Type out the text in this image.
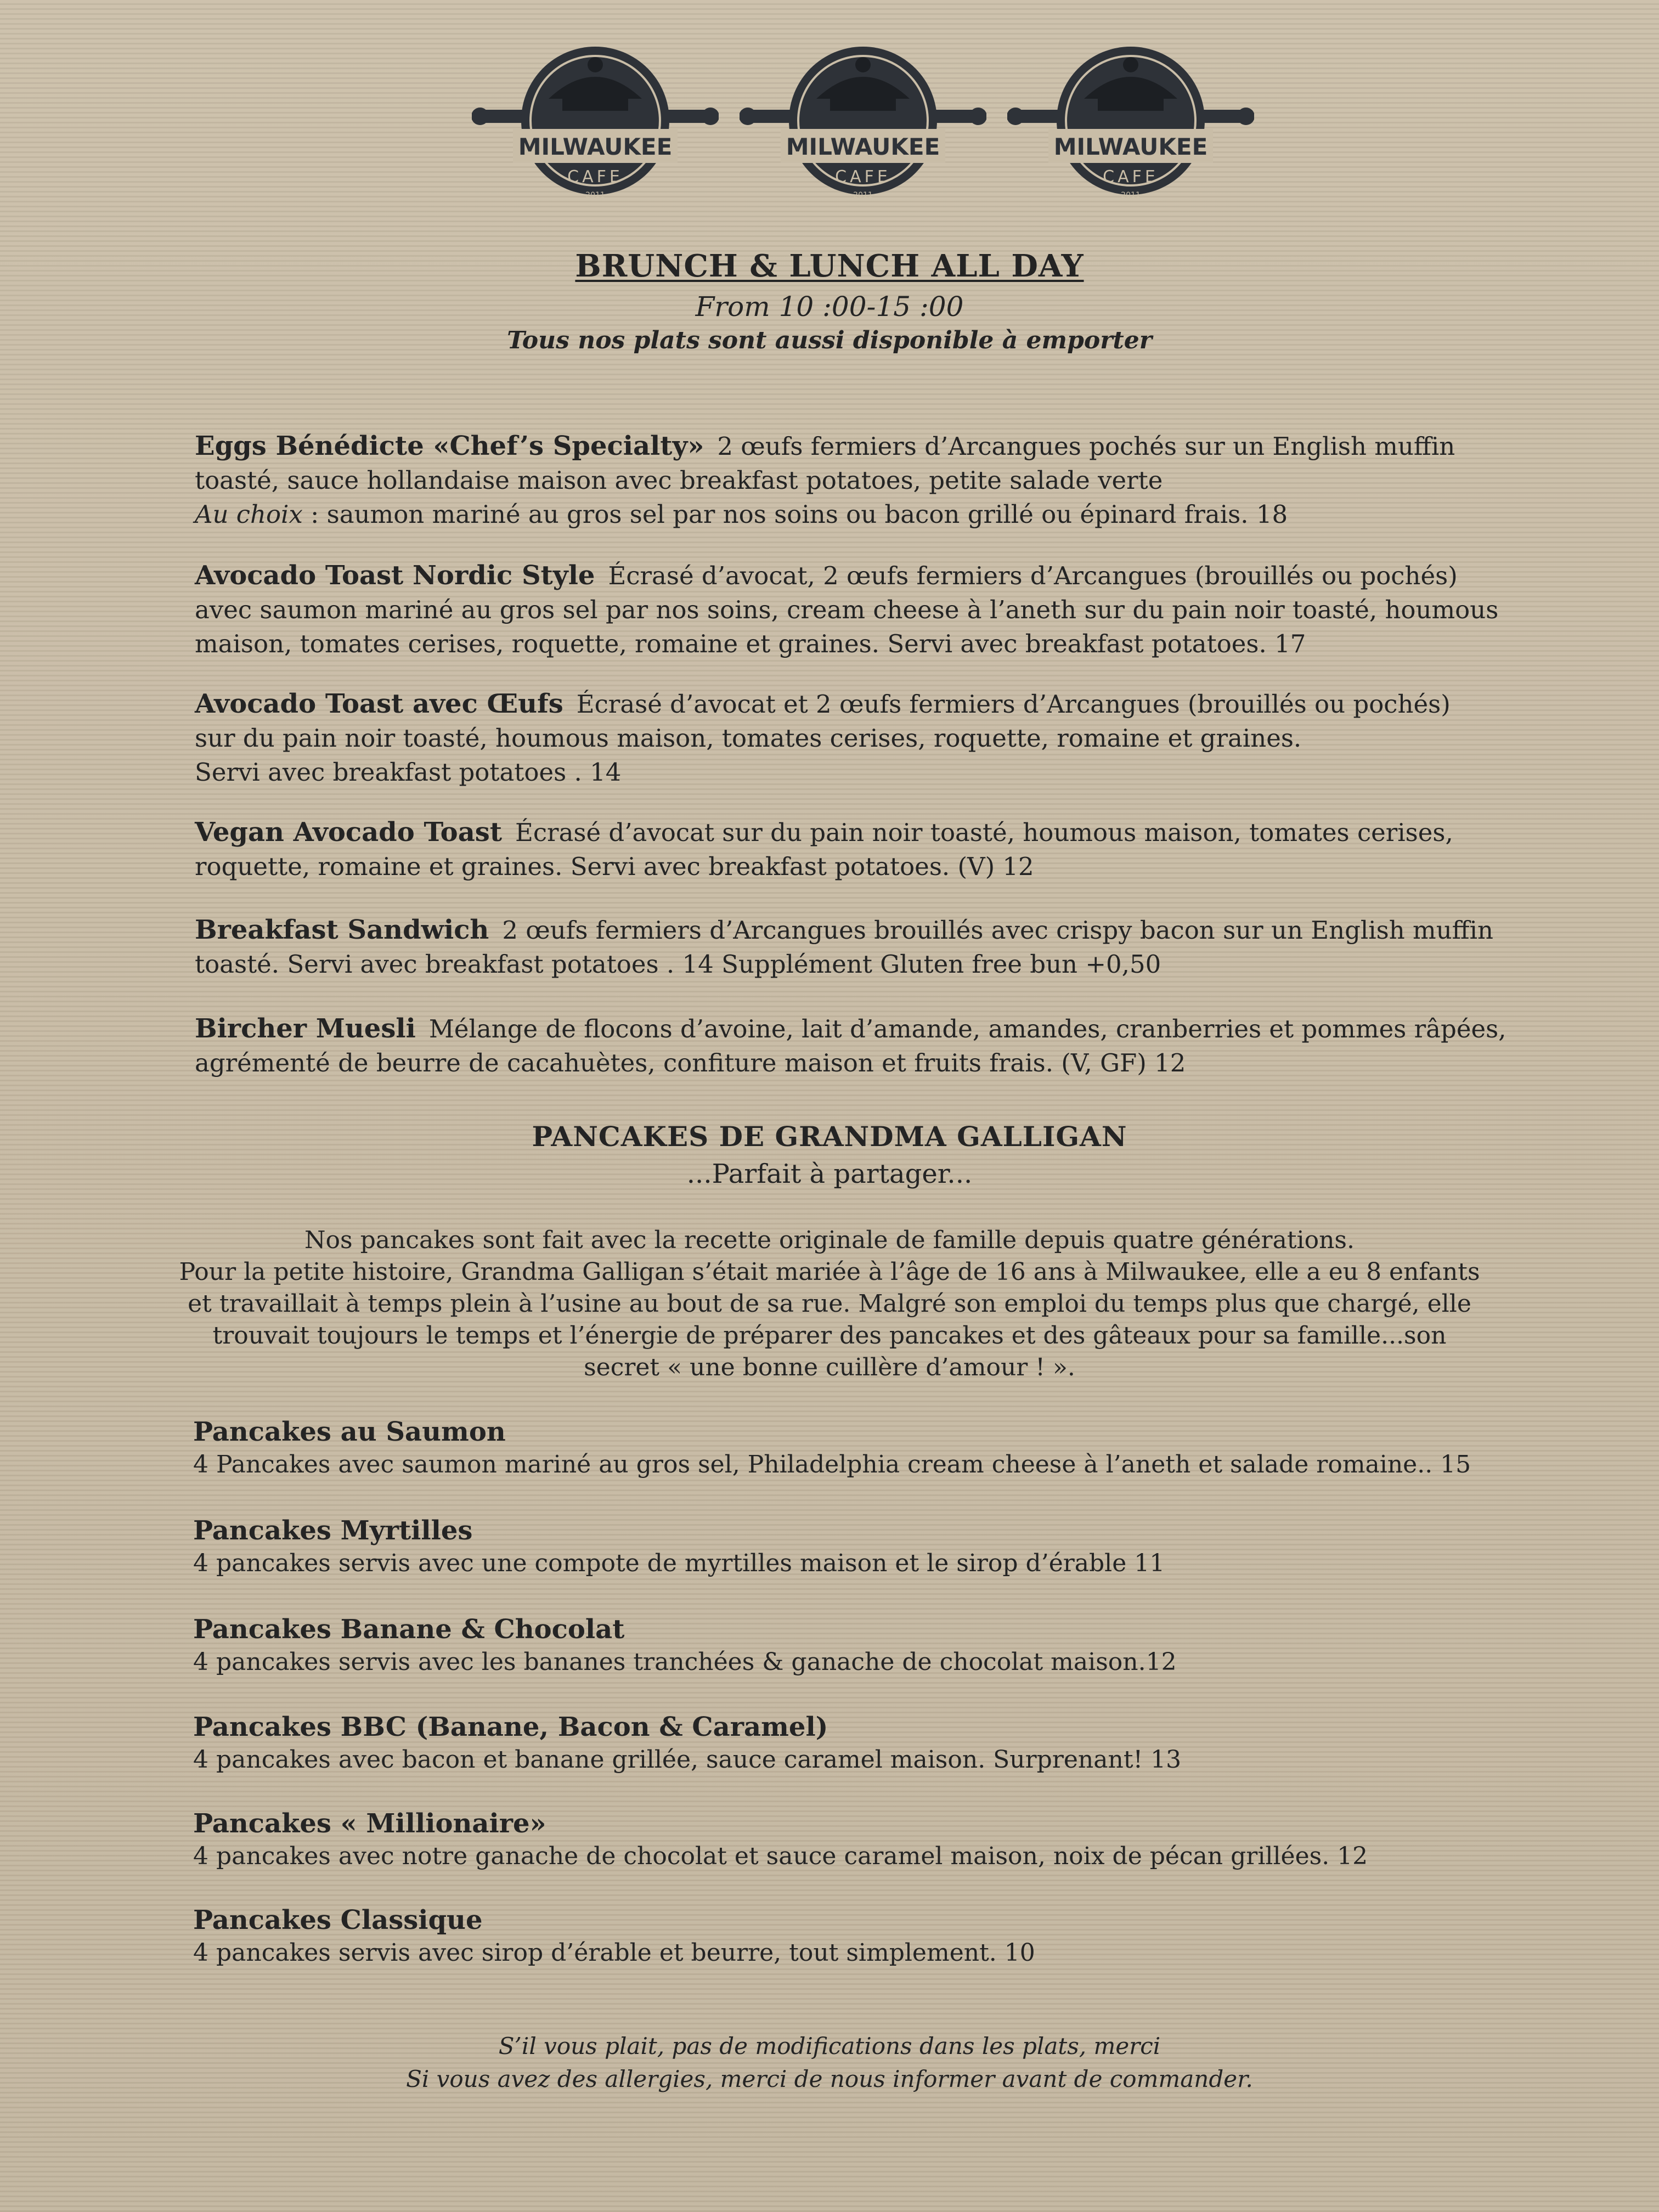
MILWAUKEE
CAFE
2011
MILWAUKEE
CAFE
2011
MILWAUKEE
CAFE
2011
BRUNCH & LUNCH ALL DAY
From 10 :00-15 :00
Tous nos plats sont aussi disponible à emporter
Eggs Bénédicte «Chef’s Specialty» 2 œufs fermiers d’Arcangues pochés sur un English muffin
toasté, sauce hollandaise maison avec breakfast potatoes, petite salade verte
Au choix : saumon mariné au gros sel par nos soins ou bacon grillé ou épinard frais. 18
Avocado Toast Nordic Style Écrasé d’avocat, 2 œufs fermiers d’Arcangues (brouillés ou pochés)
avec saumon mariné au gros sel par nos soins, cream cheese à l’aneth sur du pain noir toasté, houmous
maison, tomates cerises, roquette, romaine et graines. Servi avec breakfast potatoes. 17
Avocado Toast avec Œufs Écrasé d’avocat et 2 œufs fermiers d’Arcangues (brouillés ou pochés)
sur du pain noir toasté, houmous maison, tomates cerises, roquette, romaine et graines.
Servi avec breakfast potatoes . 14
Vegan Avocado Toast Écrasé d’avocat sur du pain noir toasté, houmous maison, tomates cerises,
roquette, romaine et graines. Servi avec breakfast potatoes. (V) 12
Breakfast Sandwich 2 œufs fermiers d’Arcangues brouillés avec crispy bacon sur un English muffin
toasté. Servi avec breakfast potatoes . 14 Supplément Gluten free bun +0,50
Bircher Muesli Mélange de flocons d’avoine, lait d’amande, amandes, cranberries et pommes râpées,
agrémenté de beurre de cacahuètes, confiture maison et fruits frais. (V, GF) 12
PANCAKES DE GRANDMA GALLIGAN
...Parfait à partager...
Nos pancakes sont fait avec la recette originale de famille depuis quatre générations.
Pour la petite histoire, Grandma Galligan s’était mariée à l’âge de 16 ans à Milwaukee, elle a eu 8 enfants
et travaillait à temps plein à l’usine au bout de sa rue. Malgré son emploi du temps plus que chargé, elle
trouvait toujours le temps et l’énergie de préparer des pancakes et des gâteaux pour sa famille...son
secret « une bonne cuillère d’amour ! ».
Pancakes au Saumon
4 Pancakes avec saumon mariné au gros sel, Philadelphia cream cheese à l’aneth et salade romaine.. 15
Pancakes Myrtilles
4 pancakes servis avec une compote de myrtilles maison et le sirop d’érable 11
Pancakes Banane & Chocolat
4 pancakes servis avec les bananes tranchées & ganache de chocolat maison.12
Pancakes BBC (Banane, Bacon & Caramel)
4 pancakes avec bacon et banane grillée, sauce caramel maison. Surprenant! 13
Pancakes « Millionaire»
4 pancakes avec notre ganache de chocolat et sauce caramel maison, noix de pécan grillées. 12
Pancakes Classique
4 pancakes servis avec sirop d’érable et beurre, tout simplement. 10
S’il vous plait, pas de modifications dans les plats, merci
Si vous avez des allergies, merci de nous informer avant de commander.
